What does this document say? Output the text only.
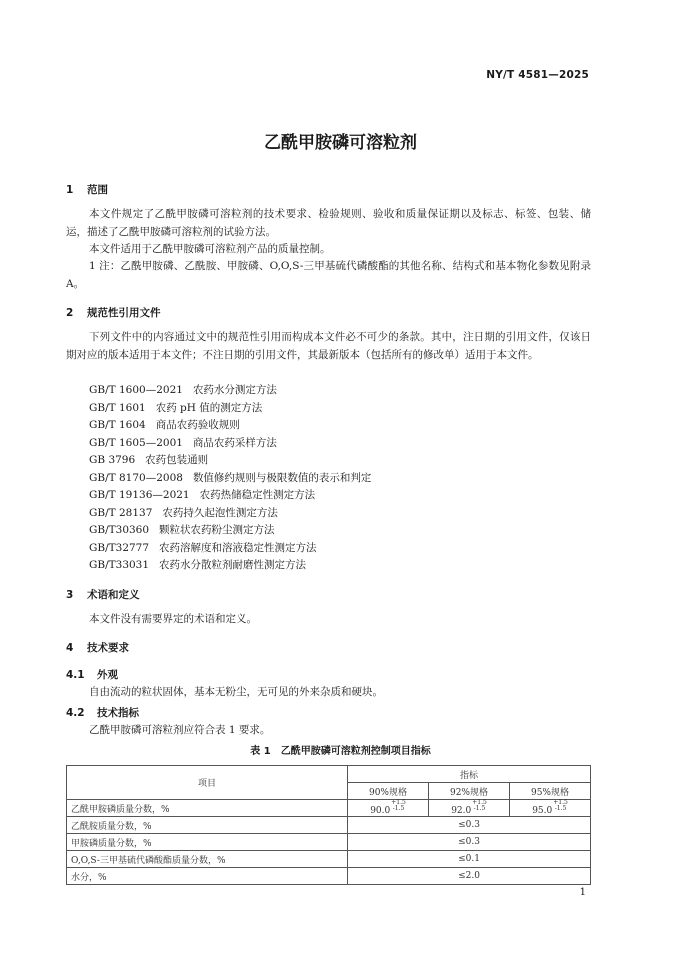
NY/T 4581—2025
乙酰甲胺磷可溶粒剂
1 范围
本文件规定了乙酰甲胺磷可溶粒剂的技术要求、检验规则、验收和质量保证期以及标志、标签、包装、储运，描述了乙酰甲胺磷可溶粒剂的试验方法。
本文件适用于乙酰甲胺磷可溶粒剂产品的质量控制。
1 注：乙酰甲胺磷、乙酰胺、甲胺磷、O,O,S-三甲基硫代磷酸酯的其他名称、结构式和基本物化参数见附录 A。
2 规范性引用文件
下列文件中的内容通过文中的规范性引用而构成本文件必不可少的条款。其中，注日期的引用文件，仅该日期对应的版本适用于本文件；不注日期的引用文件，其最新版本（包括所有的修改单）适用于本文件。
GB/T 1600—2021 农药水分测定方法
GB/T 1601 农药 pH 值的测定方法
GB/T 1604 商品农药验收规则
GB/T 1605—2001 商品农药采样方法
GB 3796 农药包装通则
GB/T 8170—2008 数值修约规则与极限数值的表示和判定
GB/T 19136—2021 农药热储稳定性测定方法
GB/T 28137 农药持久起泡性测定方法
GB/T30360 颗粒状农药粉尘测定方法
GB/T32777 农药溶解度和溶液稳定性测定方法
GB/T33031 农药水分散粒剂耐磨性测定方法
3 术语和定义
本文件没有需要界定的术语和定义。
4 技术要求
4.1 外观
自由流动的粒状固体，基本无粉尘，无可见的外来杂质和硬块。
4.2 技术指标
乙酰甲胺磷可溶粒剂应符合表 1 要求。
表 1　乙酰甲胺磷可溶粒剂控制项目指标
项目	指标		
	90%规格	92%规格	95%规格
乙酰甲胺磷质量分数，%	$90.0^{+1.5 -1.5}$	$92.0^{+1.5 -1.5}$	$95.0^{+1.5 -1.5}$
乙酰胺质量分数，%	≤0.3		
甲胺磷质量分数，%	≤0.3		
O,O,S-三甲基硫代磷酸酯质量分数，%	≤0.1		
水分，%	≤2.0		
1
